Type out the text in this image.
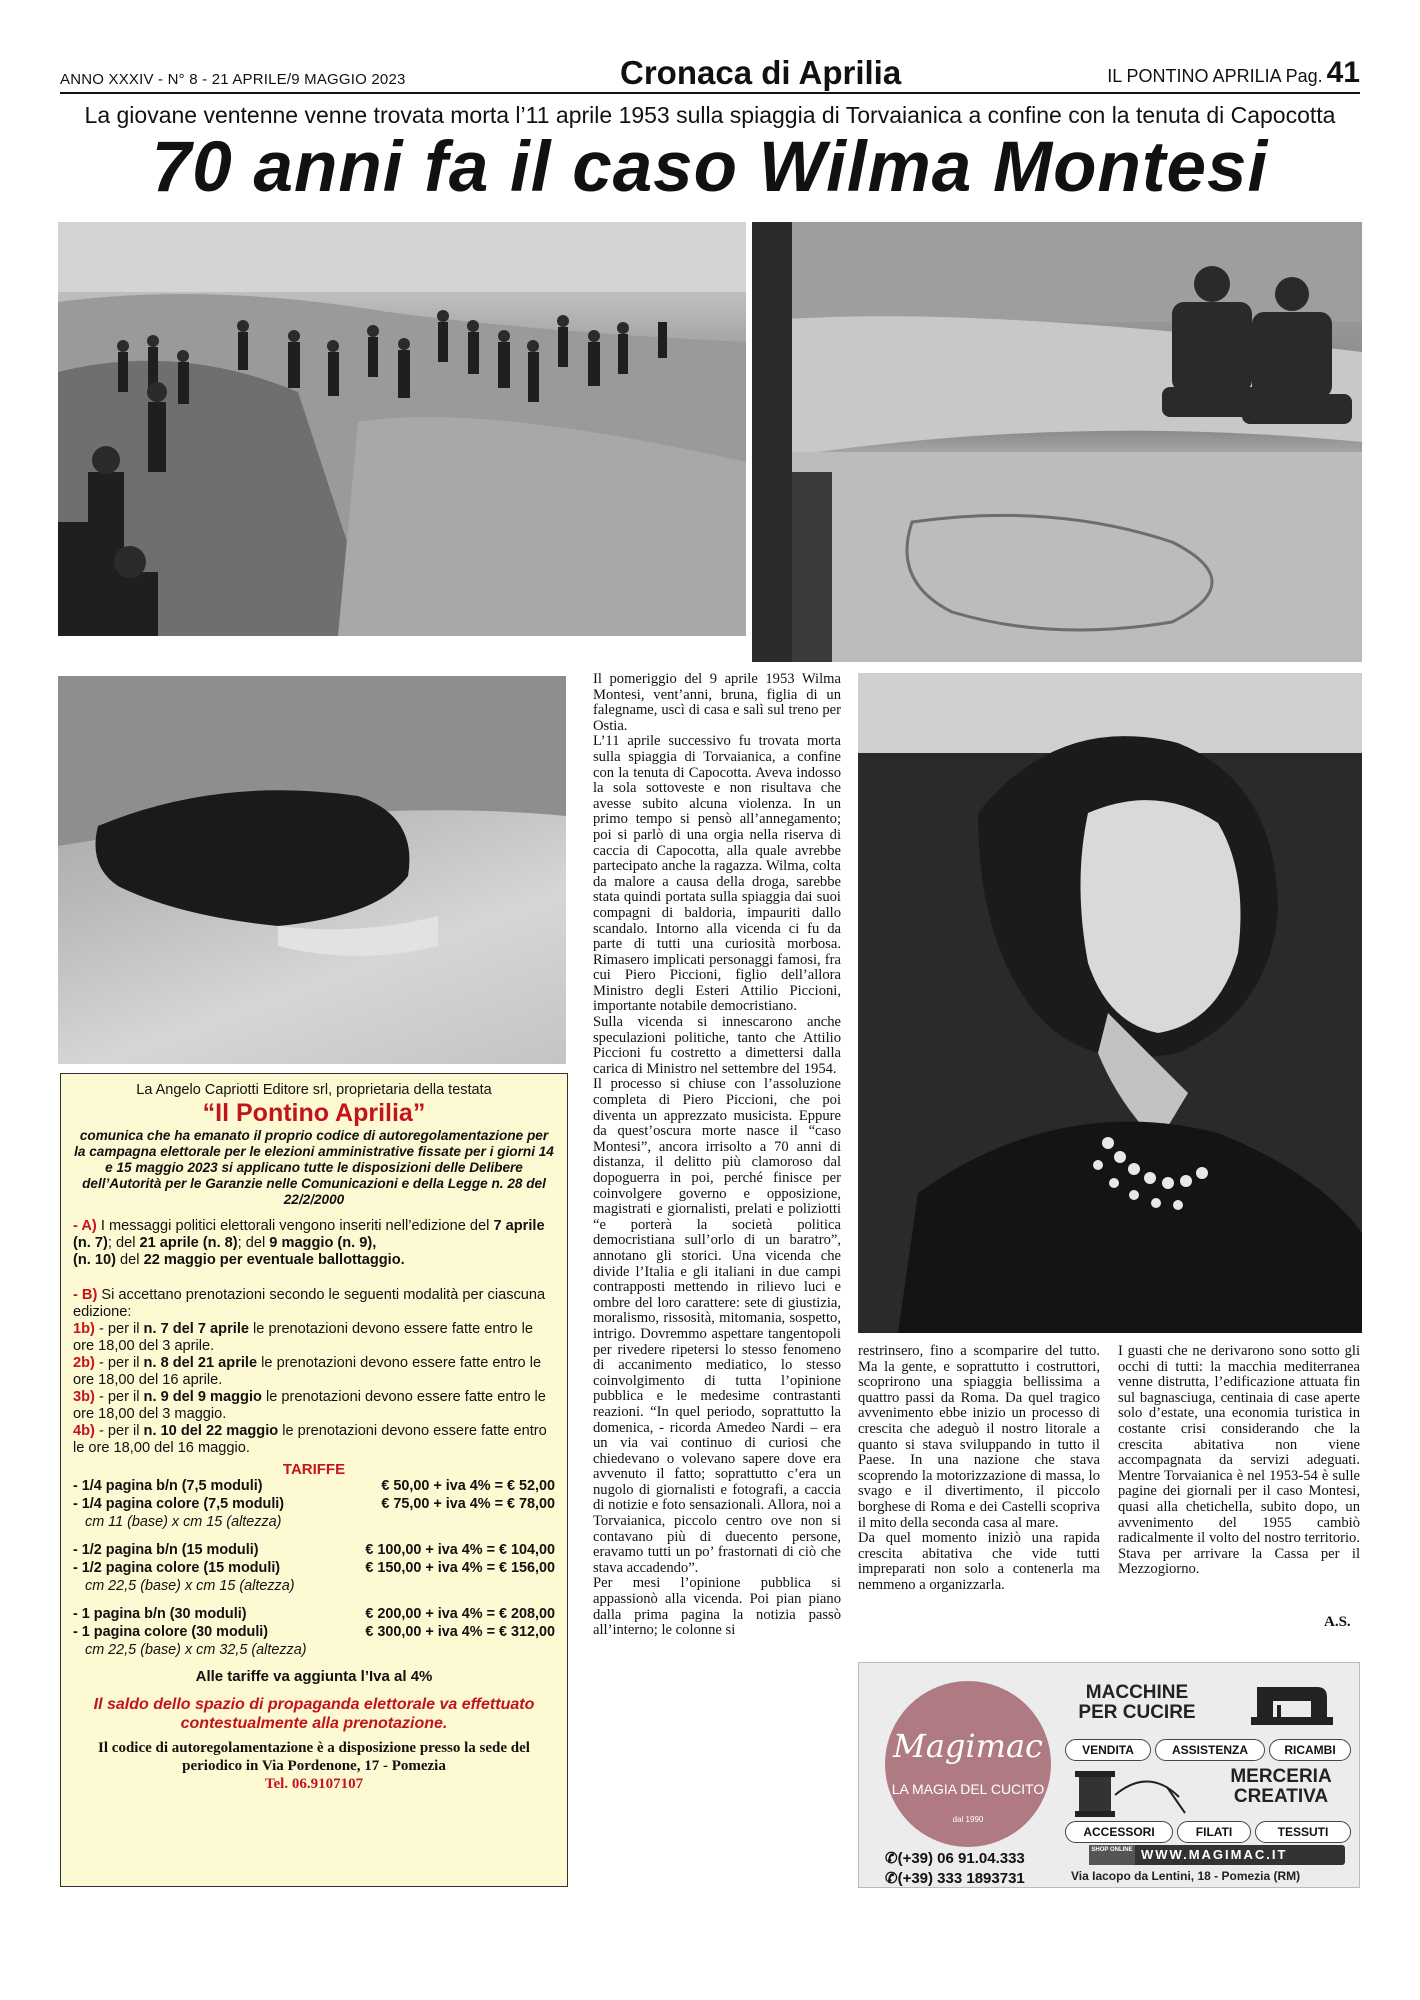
ANNO XXXIV - N° 8 - 21 APRILE/9 MAGGIO 2023	Cronaca di Aprilia	IL PONTINO APRILIA Pag. 41
La giovane ventenne venne trovata morta l’11 aprile 1953 sulla spiaggia di Torvaianica a confine con la tenuta di Capocotta
70 anni fa il caso Wilma Montesi

Il pomeriggio del 9 aprile 1953 Wilma Montesi, vent’anni, bruna, figlia di un falegname, uscì di casa e salì sul treno per Ostia.

L’11 aprile successivo fu trovata morta sulla spiaggia di Torvaianica, a confine con la tenuta di Capocotta. Aveva indosso la sola sottoveste e non risultava che avesse subito alcuna violenza. In un primo tempo si pensò all’annegamento; poi si parlò di una orgia nella riserva di caccia di Capocotta, alla quale avrebbe partecipato anche la ragazza. Wilma, colta da malore a causa della droga, sarebbe stata quindi portata sulla spiaggia dai suoi compagni di baldoria, impauriti dallo scandalo. Intorno alla vicenda ci fu da parte di tutti una curiosità morbosa. Rimasero implicati personaggi famosi, fra cui Piero Piccioni, figlio dell’allora Ministro degli Esteri Attilio Piccioni, importante notabile democristiano.

Sulla vicenda si innescarono anche speculazioni politiche, tanto che Attilio Piccioni fu costretto a dimettersi dalla carica di Ministro nel settembre del 1954.

Il processo si chiuse con l’assoluzione completa di Piero Piccioni, che poi diventa un apprezzato musicista. Eppure da quest’oscura morte nasce il “caso Montesi”, ancora irrisolto a 70 anni di distanza, il delitto più clamoroso dal dopoguerra in poi, perché finisce per coinvolgere governo e opposizione, magistrati e giornalisti, prelati e poliziotti “e porterà la società politica democristiana sull’orlo di un baratro”, annotano gli storici. Una vicenda che divide l’Italia e gli italiani in due campi contrapposti mettendo in rilievo luci e ombre del loro carattere: sete di giustizia, moralismo, rissosità, mitomania, sospetto, intrigo. Dovremmo aspettare tangentopoli per rivedere ripetersi lo stesso fenomeno di accanimento mediatico, lo stesso coinvolgimento di tutta l’opinione pubblica e le medesime contrastanti reazioni. “In quel periodo, soprattutto la domenica, - ricorda Amedeo Nardi – era un via vai continuo di curiosi che chiedevano o volevano sapere dove era avvenuto il fatto; soprattutto c’era un nugolo di giornalisti e fotografi, a caccia di notizie e foto sensazionali. Allora, noi a Torvaianica, piccolo centro ove non si contavano più di duecento persone, eravamo tutti un po’ frastornati di ciò che stava accadendo”.

Per mesi l’opinione pubblica si appassionò alla vicenda. Poi pian piano dalla prima pagina la notizia passò all’interno; le colonne si

restrinsero, fino a scomparire del tutto. Ma la gente, e soprattutto i costruttori, scoprirono una spiaggia bellissima a quattro passi da Roma. Da quel tragico avvenimento ebbe inizio un processo di crescita che adeguò il nostro litorale a quanto si stava sviluppando in tutto il Paese. In una nazione che stava scoprendo la motorizzazione di massa, lo svago e il divertimento, il piccolo borghese di Roma e dei Castelli scopriva il mito della seconda casa al mare.

Da quel momento iniziò una rapida crescita abitativa che vide tutti impreparati non solo a contenerla ma nemmeno a organizzarla.

I guasti che ne derivarono sono sotto gli occhi di tutti: la macchia mediterranea venne distrutta, l’edificazione attuata fin sul bagnasciuga, centinaia di case aperte solo d’estate, una economia turistica in costante crisi considerando che la crescita abitativa non viene accompagnata da servizi adeguati. Mentre Torvaianica è nel 1953-54 è sulle pagine dei giornali per il caso Montesi, quasi alla chetichella, subito dopo, un avvenimento del 1955 cambiò radicalmente il volto del nostro territorio. Stava per arrivare la Cassa per il Mezzogiorno.

A.S.
La Angelo Capriotti Editore srl, proprietaria della testata
“Il Pontino Aprilia”
comunica che ha emanato il proprio codice di autoregolamentazione per la campagna elettorale per le elezioni amministrative fissate per i giorni 14 e 15 maggio 2023 si applicano tutte le disposizioni delle Delibere dell’Autorità per le Garanzie nelle Comunicazioni e della Legge n. 28 del 22/2/2000
- A) I messaggi politici elettorali vengono inseriti nell’edizione del 7 aprile (n. 7); del 21 aprile (n. 8); del 9 maggio (n. 9),
(n. 10) del 22 maggio per eventuale ballottaggio.
- B) Si accettano prenotazioni secondo le seguenti modalità per ciascuna edizione:
1b) - per il n. 7 del 7 aprile le prenotazioni devono essere fatte entro le ore 18,00 del 3 aprile.
2b) - per il n. 8 del 21 aprile le prenotazioni devono essere fatte entro le ore 18,00 del 16 aprile.
3b) - per il n. 9 del 9 maggio le prenotazioni devono essere fatte entro le ore 18,00 del 3 maggio.
4b) - per il n. 10 del 22 maggio le prenotazioni devono essere fatte entro le ore 18,00 del 16 maggio.
TARIFFE
- 1/4 pagina b/n (7,5 moduli)	€ 50,00 + iva 4% = € 52,00
- 1/4 pagina colore (7,5 moduli)	€ 75,00 + iva 4% = € 78,00
cm 11 (base) x cm 15 (altezza)
- 1/2 pagina b/n (15 moduli)	€ 100,00 + iva 4% = € 104,00
- 1/2 pagina colore (15 moduli)	€ 150,00 + iva 4% = € 156,00
cm 22,5 (base) x cm 15 (altezza)
- 1 pagina b/n (30 moduli)	€ 200,00 + iva 4% = € 208,00
- 1 pagina colore (30 moduli)	€ 300,00 + iva 4% = € 312,00
cm 22,5 (base) x cm 32,5 (altezza)
Alle tariffe va aggiunta l’Iva al 4%
Il saldo dello spazio di propaganda elettorale va effettuato contestualmente alla prenotazione.
Il codice di autoregolamentazione è a disposizione presso la sede del periodico in Via Pordenone, 17 - Pomezia
Tel. 06.9107107
Magimac
LA MAGIA DEL CUCITO
dal 1990
MACCHINE PER CUCIRE
VENDITA	ASSISTENZA	RICAMBI
MERCERIA CREATIVA
ACCESSORI	FILATI	TESSUTI
✆(+39) 06 91.04.333
✆(+39) 333 1893731
SHOP ONLINE WWW.MAGIMAC.IT
Via Iacopo da Lentini, 18 - Pomezia (RM)
